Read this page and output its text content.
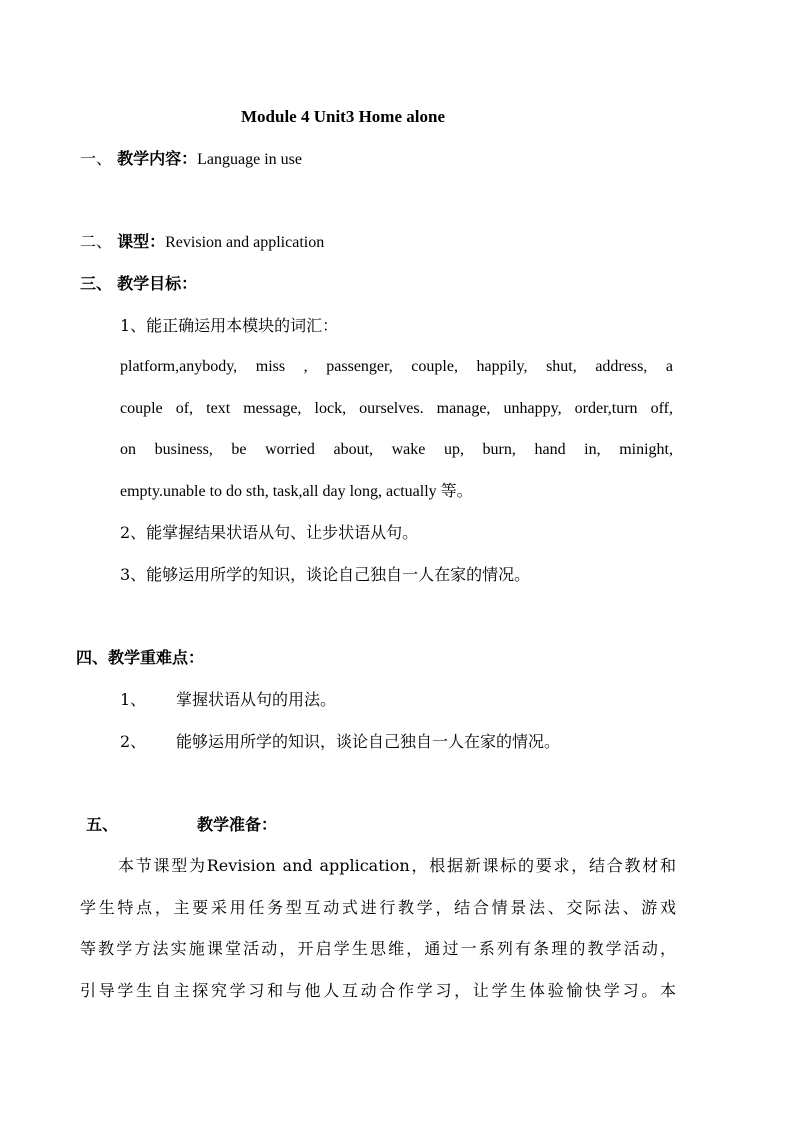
Module 4 Unit3 Home alone
一、 教学内容：Language in use
二、 课型：Revision and application
三、 教学目标：
1、能正确运用本模块的词汇：
platform,anybody, miss , passenger, couple, happily, shut, address, a
couple of, text message, lock, ourselves. manage, unhappy, order,turn off,
on business, be worried about, wake up, burn, hand in, minight,
empty.unable to do sth, task,all day long, actually 等。
2、能掌握结果状语从句、让步状语从句。
3、能够运用所学的知识，谈论自己独自一人在家的情况。
四、教学重难点：
1、 掌握状语从句的用法。
2、 能够运用所学的知识，谈论自己独自一人在家的情况。
五、	教学准备：
本节课型为Revision and application，根据新课标的要求，结合教材和
学生特点，主要采用任务型互动式进行教学，结合情景法、交际法、游戏
等教学方法实施课堂活动，开启学生思维，通过一系列有条理的教学活动，
引导学生自主探究学习和与他人互动合作学习，让学生体验愉快学习。本
